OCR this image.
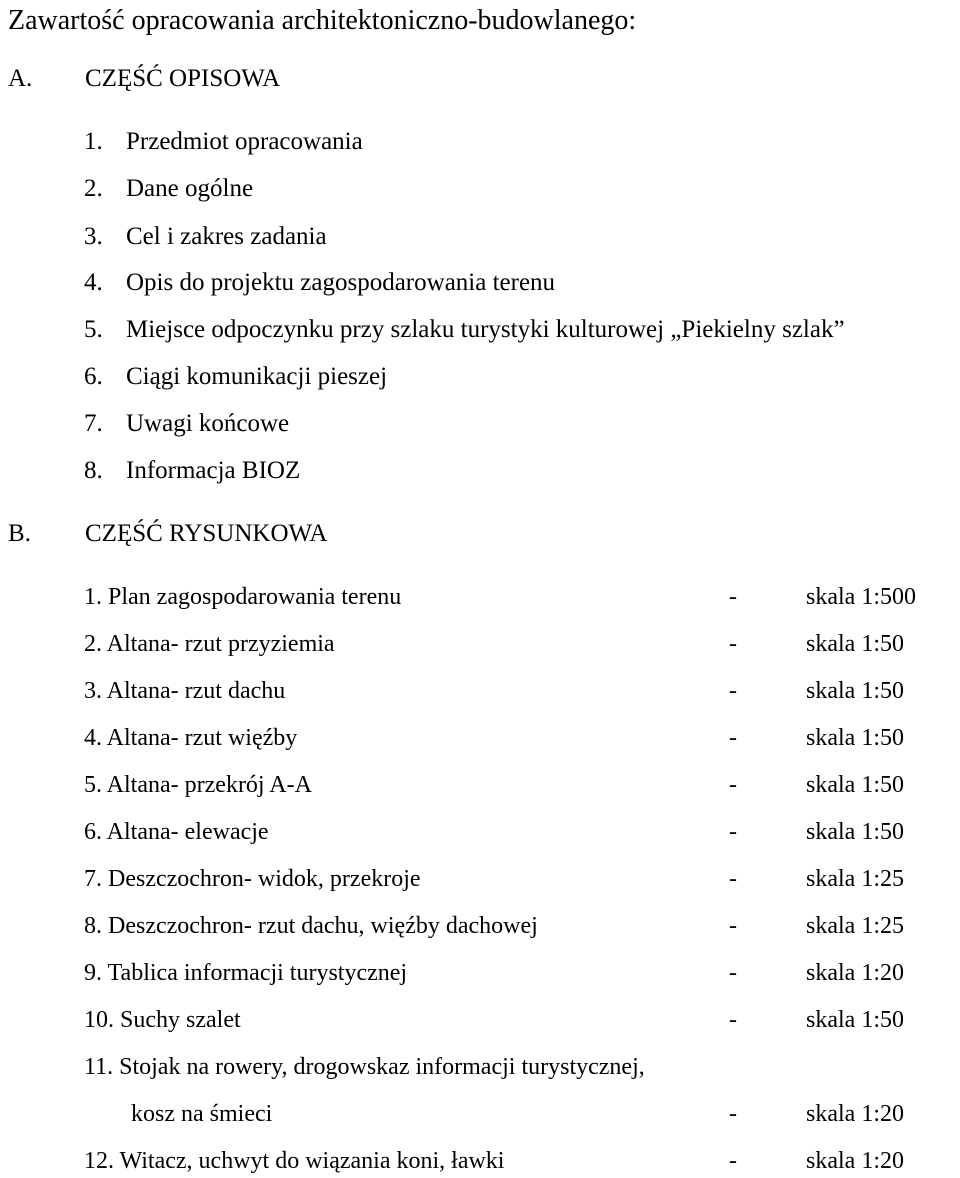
Zawartość opracowania architektoniczno-budowlanego:
A. CZĘŚĆ OPISOWA
1. Przedmiot opracowania
2. Dane ogólne
3. Cel i zakres zadania
4. Opis do projektu zagospodarowania terenu
5. Miejsce odpoczynku przy szlaku turystyki kulturowej „Piekielny szlak”
6. Ciągi komunikacji pieszej
7. Uwagi końcowe
8. Informacja BIOZ
B. CZĘŚĆ RYSUNKOWA
1. Plan zagospodarowania terenu	-	skala 1:500
2. Altana- rzut przyziemia	-	skala 1:50
3. Altana- rzut dachu	-	skala 1:50
4. Altana- rzut więźby	-	skala 1:50
5. Altana- przekrój A-A	-	skala 1:50
6. Altana- elewacje	-	skala 1:50
7. Deszczochron- widok, przekroje	-	skala 1:25
8. Deszczochron- rzut dachu, więźby dachowej	-	skala 1:25
9. Tablica informacji turystycznej	-	skala 1:20
10. Suchy szalet	-	skala 1:50
11. Stojak na rowery, drogowskaz informacji turystycznej,
kosz na śmieci	-	skala 1:20
12. Witacz, uchwyt do wiązania koni, ławki	-	skala 1:20
